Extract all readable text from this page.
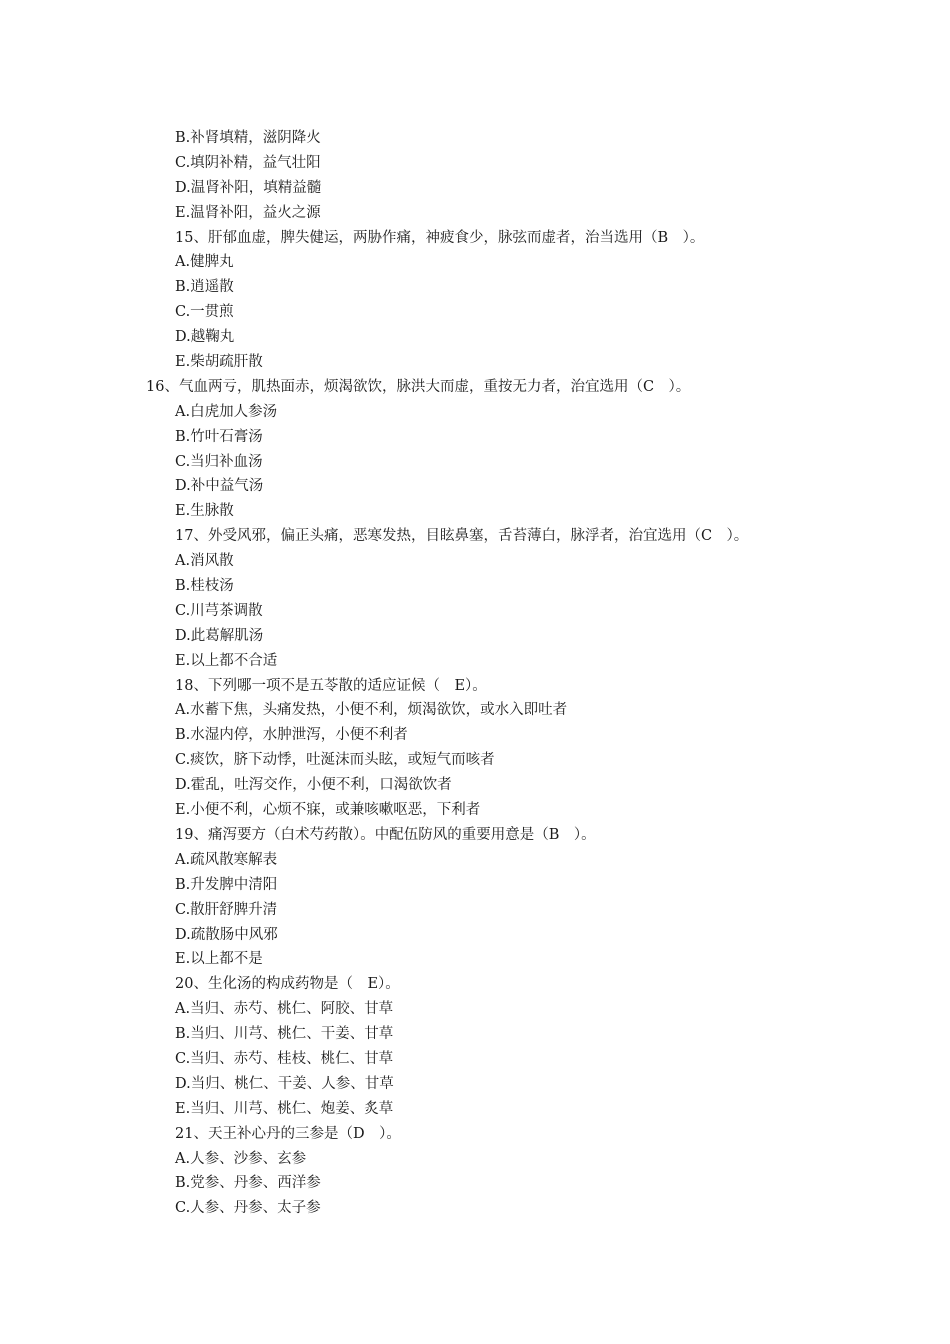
B.补肾填精，滋阴降火
C.填阴补精，益气壮阳
D.温肾补阳，填精益髓
E.温肾补阳，益火之源
15、肝郁血虚，脾失健运，两胁作痛，神疲食少，脉弦而虚者，治当选用（B　）。
A.健脾丸
B.逍遥散
C.一贯煎
D.越鞠丸
E.柴胡疏肝散
16、气血两亏，肌热面赤，烦渴欲饮，脉洪大而虚，重按无力者，治宜选用（C　）。
A.白虎加人参汤
B.竹叶石膏汤
C.当归补血汤
D.补中益气汤
E.生脉散
17、外受风邪，偏正头痛，恶寒发热，目眩鼻塞，舌苔薄白，脉浮者，治宜选用（C　）。
A.消风散
B.桂枝汤
C.川芎茶调散
D.此葛解肌汤
E.以上都不合适
18、下列哪一项不是五苓散的适应证候（　E）。
A.水蓄下焦，头痛发热，小便不利，烦渴欲饮，或水入即吐者
B.水湿内停，水肿泄泻，小便不利者
C.痰饮，脐下动悸，吐涎沫而头眩，或短气而咳者
D.霍乱，吐泻交作，小便不利，口渴欲饮者
E.小便不利，心烦不寐，或兼咳嗽呕恶，下利者
19、痛泻要方（白术芍药散）。中配伍防风的重要用意是（B　）。
A.疏风散寒解表
B.升发脾中清阳
C.散肝舒脾升清
D.疏散肠中风邪
E.以上都不是
20、生化汤的构成药物是（　E）。
A.当归、赤芍、桃仁、阿胶、甘草
B.当归、川芎、桃仁、干姜、甘草
C.当归、赤芍、桂枝、桃仁、甘草
D.当归、桃仁、干姜、人参、甘草
E.当归、川芎、桃仁、炮姜、炙草
21、天王补心丹的三参是（D　）。
A.人参、沙参、玄参
B.党参、丹参、西洋参
C.人参、丹参、太子参
